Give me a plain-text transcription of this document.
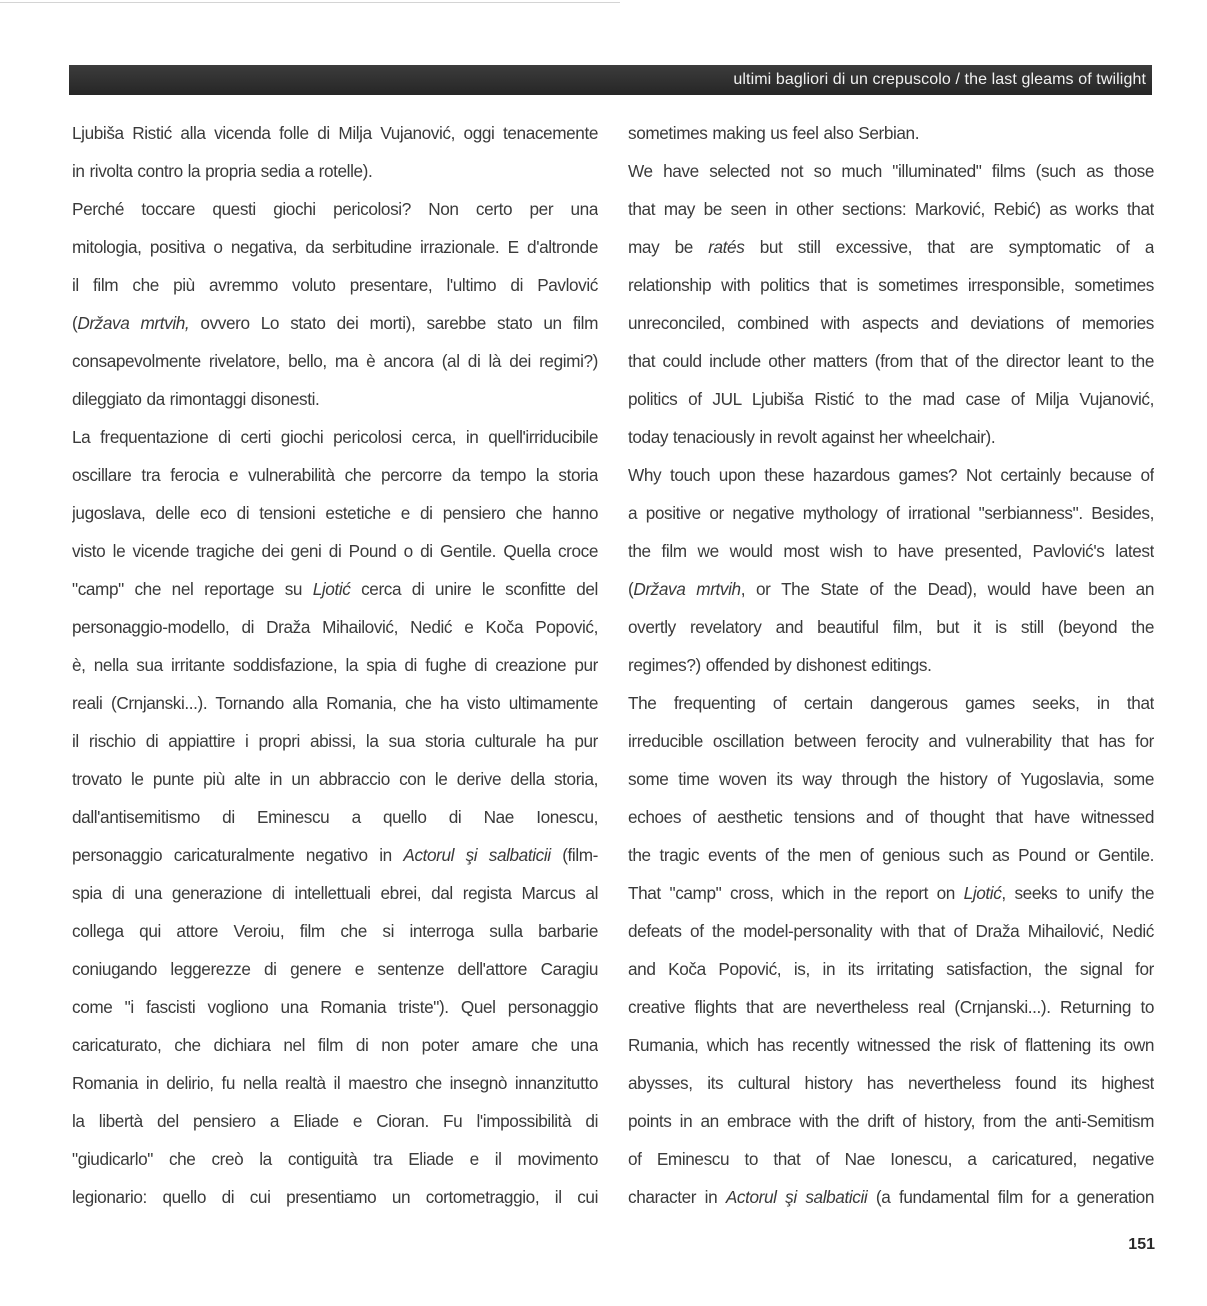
ultimi bagliori di un crepuscolo / the last gleams of twilight
Ljubiša Ristić alla vicenda folle di Milja Vujanović, oggi tenacemente
in rivolta contro la propria sedia a rotelle).
Perché toccare questi giochi pericolosi? Non certo per una
mitologia, positiva o negativa, da serbitudine irrazionale. E d'altronde
il film che più avremmo voluto presentare, l'ultimo di Pavlović
(Država mrtvih, ovvero Lo stato dei morti), sarebbe stato un film
consapevolmente rivelatore, bello, ma è ancora (al di là dei regimi?)
dileggiato da rimontaggi disonesti.
La frequentazione di certi giochi pericolosi cerca, in quell'irriducibile
oscillare tra ferocia e vulnerabilità che percorre da tempo la storia
jugoslava, delle eco di tensioni estetiche e di pensiero che hanno
visto le vicende tragiche dei geni di Pound o di Gentile. Quella croce
"camp" che nel reportage su Ljotić cerca di unire le sconfitte del
personaggio-modello, di Draža Mihailović, Nedić e Koča Popović,
è, nella sua irritante soddisfazione, la spia di fughe di creazione pur
reali (Crnjanski...). Tornando alla Romania, che ha visto ultimamente
il rischio di appiattire i propri abissi, la sua storia culturale ha pur
trovato le punte più alte in un abbraccio con le derive della storia,
dall'antisemitismo di Eminescu a quello di Nae Ionescu,
personaggio caricaturalmente negativo in Actorul şi salbaticii (film-
spia di una generazione di intellettuali ebrei, dal regista Marcus al
collega qui attore Veroiu, film che si interroga sulla barbarie
coniugando leggerezze di genere e sentenze dell'attore Caragiu
come "i fascisti vogliono una Romania triste"). Quel personaggio
caricaturato, che dichiara nel film di non poter amare che una
Romania in delirio, fu nella realtà il maestro che insegnò innanzitutto
la libertà del pensiero a Eliade e Cioran. Fu l'impossibilità di
"giudicarlo" che creò la contiguità tra Eliade e il movimento
legionario: quello di cui presentiamo un cortometraggio, il cui
sometimes making us feel also Serbian.
We have selected not so much "illuminated" films (such as those
that may be seen in other sections: Marković, Rebić) as works that
may be ratés but still excessive, that are symptomatic of a
relationship with politics that is sometimes irresponsible, sometimes
unreconciled, combined with aspects and deviations of memories
that could include other matters (from that of the director leant to the
politics of JUL Ljubiša Ristić to the mad case of Milja Vujanović,
today tenaciously in revolt against her wheelchair).
Why touch upon these hazardous games? Not certainly because of
a positive or negative mythology of irrational "serbianness". Besides,
the film we would most wish to have presented, Pavlović's latest
(Država mrtvih, or The State of the Dead), would have been an
overtly revelatory and beautiful film, but it is still (beyond the
regimes?) offended by dishonest editings.
The frequenting of certain dangerous games seeks, in that
irreducible oscillation between ferocity and vulnerability that has for
some time woven its way through the history of Yugoslavia, some
echoes of aesthetic tensions and of thought that have witnessed
the tragic events of the men of genious such as Pound or Gentile.
That "camp" cross, which in the report on Ljotić, seeks to unify the
defeats of the model-personality with that of Draža Mihailović, Nedić
and Koča Popović, is, in its irritating satisfaction, the signal for
creative flights that are nevertheless real (Crnjanski...). Returning to
Rumania, which has recently witnessed the risk of flattening its own
abysses, its cultural history has nevertheless found its highest
points in an embrace with the drift of history, from the anti-Semitism
of Eminescu to that of Nae Ionescu, a caricatured, negative
character in Actorul şi salbaticii (a fundamental film for a generation
151
